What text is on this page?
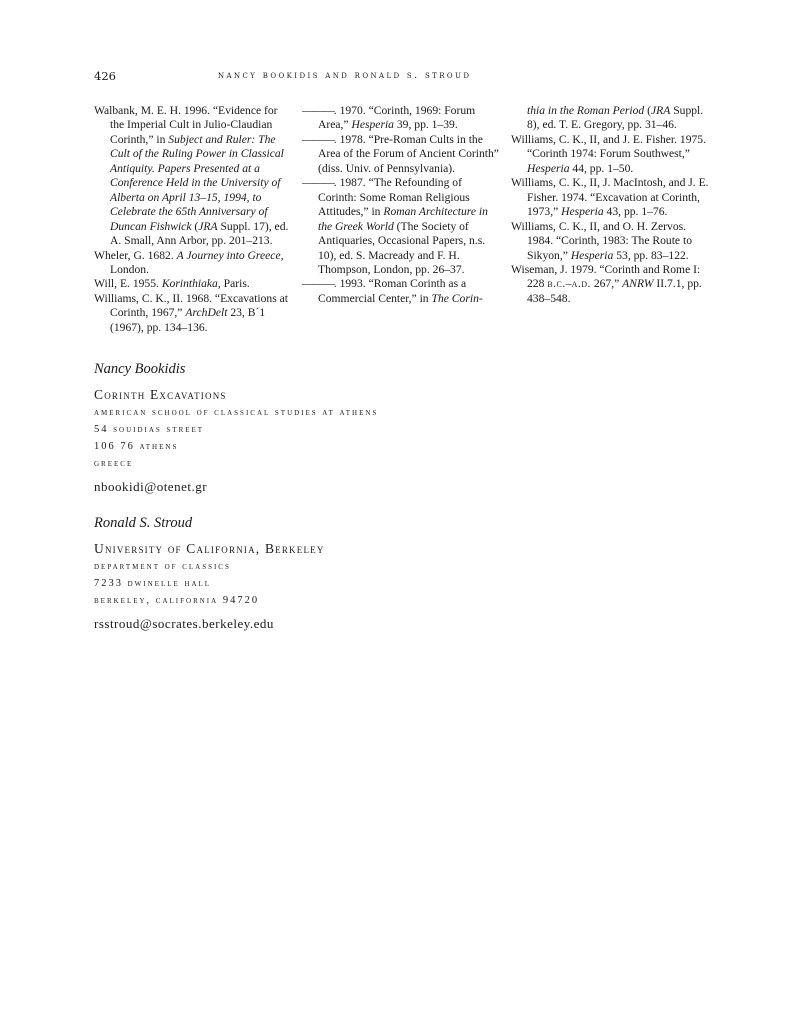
426	nancy bookidis and ronald s. stroud

Walbank, M. E. H. 1996. “Evidence for the Imperial Cult in Julio-Claudian Corinth,” in Subject and Ruler: The Cult of the Ruling Power in Classical Antiquity. Papers Presented at a Conference Held in the University of Alberta on April 13–15, 1994, to Celebrate the 65th Anniversary of Duncan Fishwick (JRA Suppl. 17), ed. A. Small, Ann Arbor, pp. 201–213.

Wheler, G. 1682. A Journey into Greece, London.

Will, E. 1955. Korinthiaka, Paris.

Williams, C. K., II. 1968. “Excavations at Corinth, 1967,” ArchDelt 23, B´1 (1967), pp. 134–136.

———. 1970. “Corinth, 1969: Forum Area,” Hesperia 39, pp. 1–39.

———. 1978. “Pre-Roman Cults in the Area of the Forum of Ancient Corinth” (diss. Univ. of Pennsylvania).

———. 1987. “The Refounding of Corinth: Some Roman Religious Attitudes,” in Roman Architecture in the Greek World (The Society of Antiquaries, Occasional Papers, n.s. 10), ed. S. Macready and F. H. Thompson, London, pp. 26–37.

———. 1993. “Roman Corinth as a Commercial Center,” in The Corin-

thia in the Roman Period (JRA Suppl. 8), ed. T. E. Gregory, pp. 31–46.

Williams, C. K., II, and J. E. Fisher. 1975. “Corinth 1974: Forum Southwest,” Hesperia 44, pp. 1–50.

Williams, C. K., II, J. MacIntosh, and J. E. Fisher. 1974. “Excavation at Corinth, 1973,” Hesperia 43, pp. 1–76.

Williams, C. K., II, and O. H. Zervos. 1984. “Corinth, 1983: The Route to Sikyon,” Hesperia 53, pp. 83–122.

Wiseman, J. 1979. “Corinth and Rome I: 228 b.c.–a.d. 267,” ANRW II.7.1, pp. 438–548.

Nancy Bookidis

Corinth Excavations

american school of classical studies at athens

54 souidias street

106 76 athens

greece

nbookidi@otenet.gr

Ronald S. Stroud

University of California, Berkeley

department of classics

7233 dwinelle hall

berkeley, california 94720

rsstroud@socrates.berkeley.edu
